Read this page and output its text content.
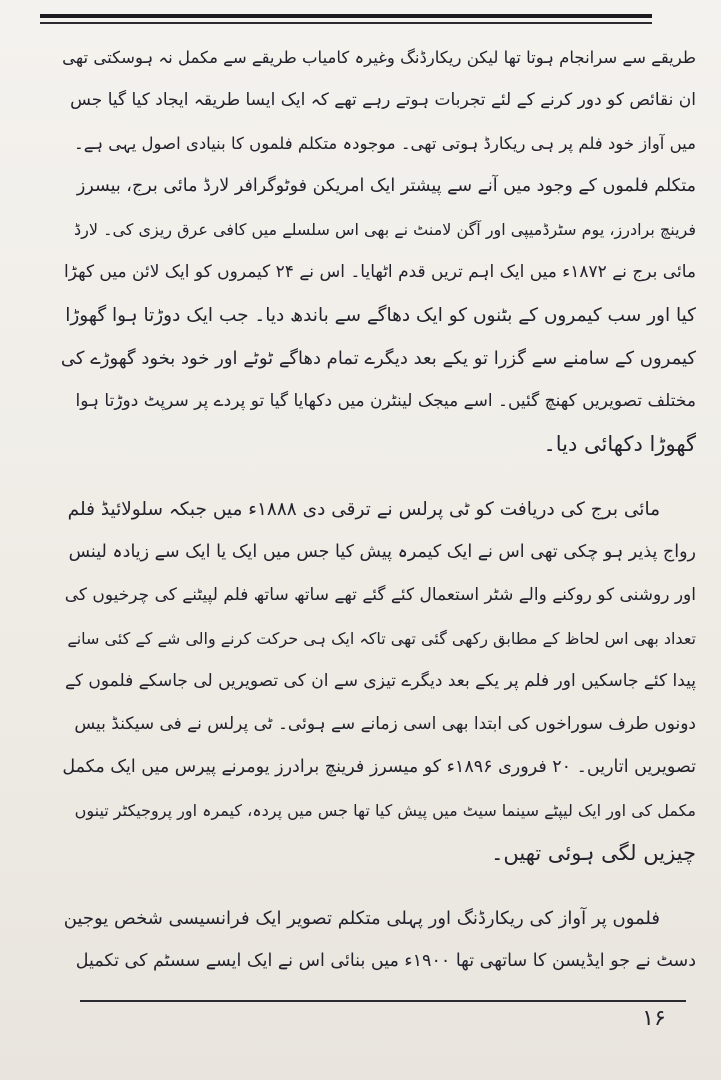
طریقے سے سرانجام ہوتا تھا لیکن ریکارڈنگ وغیرہ کامیاب طریقے سے مکمل نہ ہوسکتی تھی
ان نقائص کو دور کرنے کے لئے تجربات ہوتے رہے تھے کہ ایک ایسا طریقہ ایجاد کیا گیا جس
میں آواز خود فلم پر ہی ریکارڈ ہوتی تھی۔ موجودہ متکلم فلموں کا بنیادی اصول یہی ہے۔
متکلم فلموں کے وجود میں آنے سے پیشتر ایک امریکن فوٹوگرافر لارڈ مائی برج، بیسرز
فرینچ برادرز، یوم سٹرڈمیپی اور آگن لامنٹ نے بھی اس سلسلے میں کافی عرق ریزی کی۔ لارڈ
مائی برج نے ۱۸۷۲ء میں ایک اہم تریں قدم اٹھایا۔ اس نے ۲۴ کیمروں کو ایک لائن میں کھڑا
کیا اور سب کیمروں کے بٹنوں کو ایک دھاگے سے باندھ دیا۔ جب ایک دوڑتا ہوا گھوڑا
کیمروں کے سامنے سے گزرا تو یکے بعد دیگرے تمام دھاگے ٹوٹے اور خود بخود گھوڑے کی
مختلف تصویریں کھنچ گئیں۔ اسے میجک لینٹرن میں دکھایا گیا تو پردے پر سرپٹ دوڑتا ہوا
گھوڑا دکھائی دیا۔
مائی برج کی دریافت کو ٹی پرلس نے ترقی دی ۱۸۸۸ء میں جبکہ سلولائیڈ فلم
رواج پذیر ہو چکی تھی اس نے ایک کیمرہ پیش کیا جس میں ایک یا ایک سے زیادہ لینس
اور روشنی کو روکنے والے شٹر استعمال کئے گئے تھے ساتھ ساتھ فلم لپیٹنے کی چرخیوں کی
تعداد بھی اس لحاظ کے مطابق رکھی گئی تھی تاکہ ایک ہی حرکت کرنے والی شے کے کئی سانے
پیدا کئے جاسکیں اور فلم پر یکے بعد دیگرے تیزی سے ان کی تصویریں لی جاسکے فلموں کے
دونوں طرف سوراخوں کی ابتدا بھی اسی زمانے سے ہوئی۔ ٹی پرلس نے فی سیکنڈ بیس
تصویریں اتاریں۔ ۲۰ فروری ۱۸۹۶ء کو میسرز فرینچ برادرز یومرنے پیرس میں ایک مکمل
مکمل کی اور ایک لیپٹے سینما سیٹ میں پیش کیا تھا جس میں پردہ، کیمرہ اور پروجیکٹر تینوں
چیزیں لگی ہوئی تھیں۔
فلموں پر آواز کی ریکارڈنگ اور پہلی متکلم تصویر ایک فرانسیسی شخص یوجین
دسٹ نے جو ایڈیسن کا ساتھی تھا ۱۹۰۰ء میں بنائی اس نے ایک ایسے سسٹم کی تکمیل
۱۶
